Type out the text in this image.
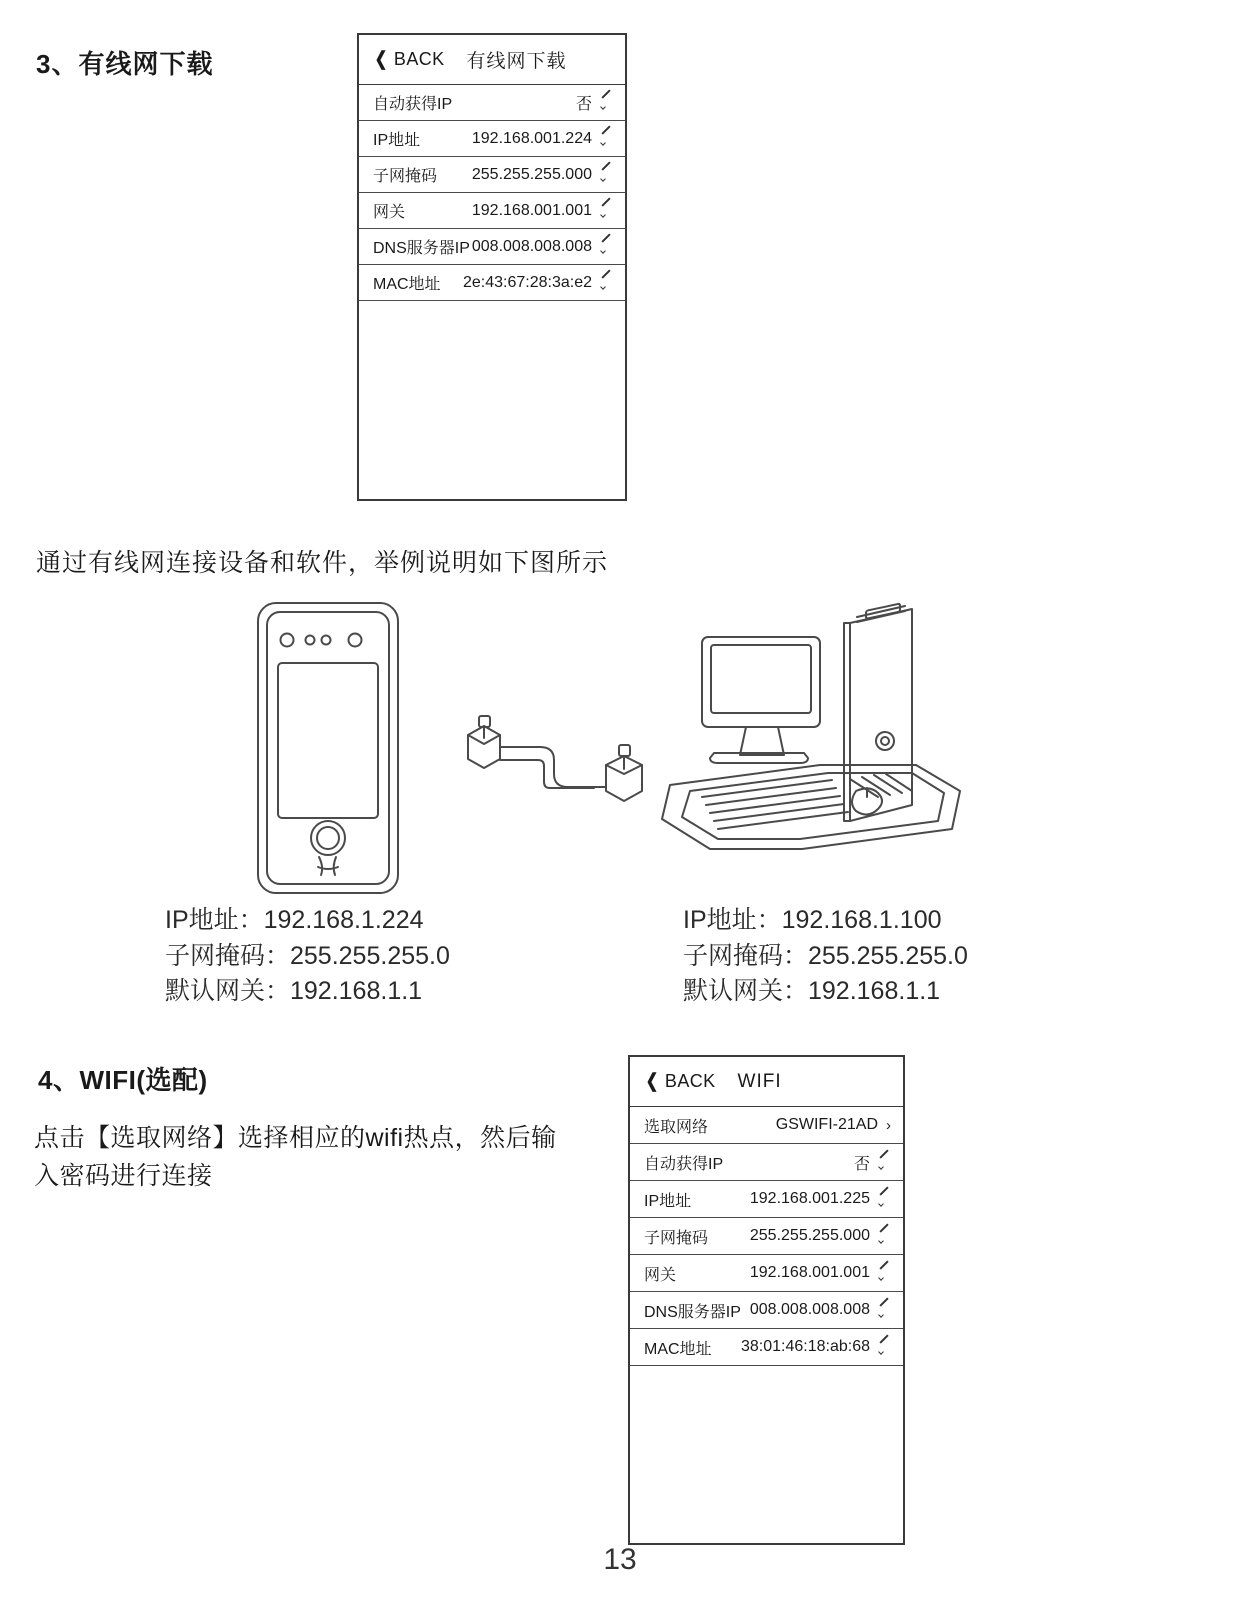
3、有线网下载	❮ BACK 有线网下载
自动获得IP	否
IP地址	192.168.001.224
子网掩码 255.255.255.000
网关	192.168.001.001
DNS服务器IP 008.008.008.008
MAC地址 2e:43:67:28:3a:e2
通过有线网连接设备和软件，举例说明如下图所示
IP地址：192.168.1.224
子网掩码：255.255.255.0
默认网关：192.168.1.1
IP地址：192.168.1.100
子网掩码：255.255.255.0
默认网关：192.168.1.1
4、WIFI(选配)
点击【选取网络】选择相应的wifi热点，然后输入密码进行连接
❮ BACK WIFI
选取网络	GSWIFI-21AD ›
自动获得IP	否
IP地址	192.168.001.225
子网掩码	255.255.255.000
网关	192.168.001.001
DNS服务器IP 008.008.008.008
MAC地址 38:01:46:18:ab:68
13
